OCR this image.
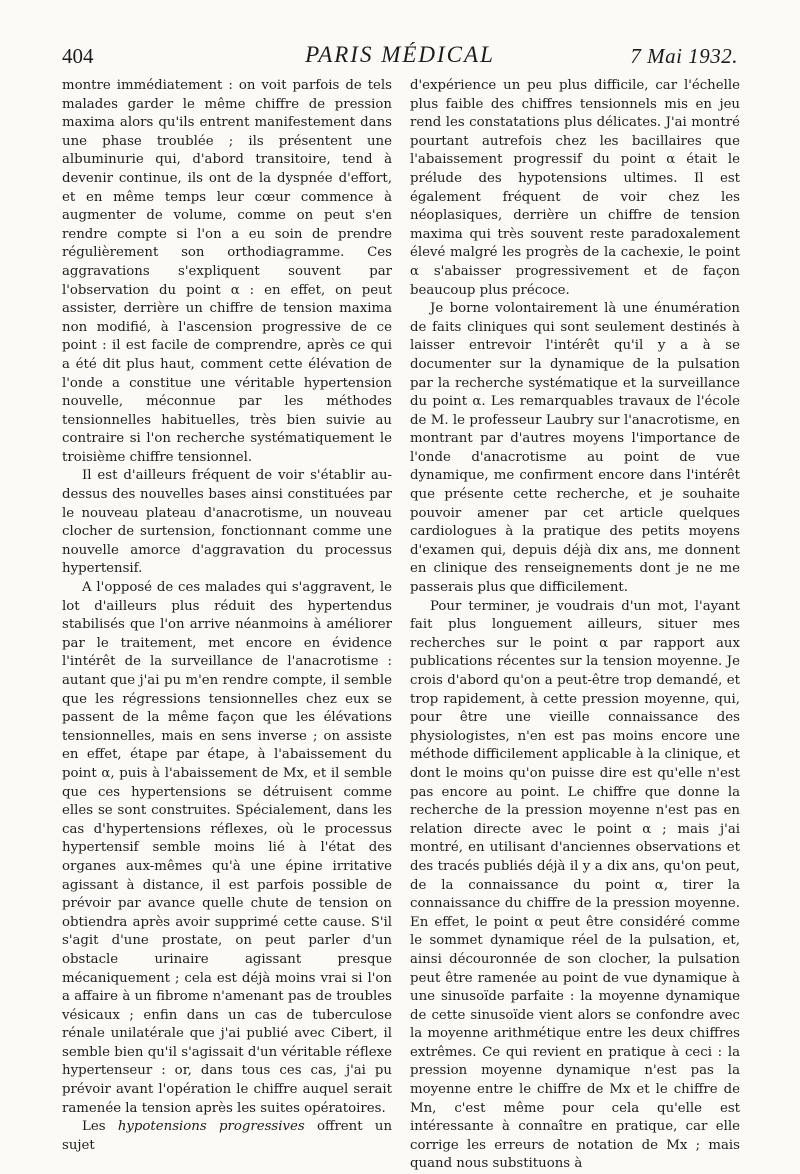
404	PARIS MÉDICAL	7 Mai 1932.

montre immédiatement : on voit parfois de tels malades garder le même chiffre de pression maxima alors qu'ils entrent manifestement dans une phase troublée ; ils présentent une albuminurie qui, d'abord transitoire, tend à devenir continue, ils ont de la dyspnée d'effort, et en même temps leur cœur commence à augmenter de volume, comme on peut s'en rendre compte si l'on a eu soin de prendre régulièrement son orthodiagramme. Ces aggravations s'expliquent souvent par l'observation du point α : en effet, on peut assister, derrière un chiffre de tension maxima non modifié, à l'ascension progressive de ce point : il est facile de comprendre, après ce qui a été dit plus haut, comment cette élévation de l'onde a constitue une véritable hypertension nouvelle, méconnue par les méthodes tensionnelles habituelles, très bien suivie au contraire si l'on recherche systématiquement le troisième chiffre tensionnel.

Il est d'ailleurs fréquent de voir s'établir au-dessus des nouvelles bases ainsi constituées par le nouveau plateau d'anacrotisme, un nouveau clocher de surtension, fonctionnant comme une nouvelle amorce d'aggravation du processus hypertensif.

A l'opposé de ces malades qui s'aggravent, le lot d'ailleurs plus réduit des hypertendus stabilisés que l'on arrive néanmoins à améliorer par le traitement, met encore en évidence l'intérêt de la surveillance de l'anacrotisme : autant que j'ai pu m'en rendre compte, il semble que les régressions tensionnelles chez eux se passent de la même façon que les élévations tensionnelles, mais en sens inverse ; on assiste en effet, étape par étape, à l'abaissement du point α, puis à l'abaissement de Mx, et il semble que ces hypertensions se détruisent comme elles se sont construites. Spécialement, dans les cas d'hypertensions réflexes, où le processus hypertensif semble moins lié à l'état des organes aux-mêmes qu'à une épine irritative agissant à distance, il est parfois possible de prévoir par avance quelle chute de tension on obtiendra après avoir supprimé cette cause. S'il s'agit d'une prostate, on peut parler d'un obstacle urinaire agissant presque mécaniquement ; cela est déjà moins vrai si l'on a affaire à un fibrome n'amenant pas de troubles vésicaux ; enfin dans un cas de tuberculose rénale unilatérale que j'ai publié avec Cibert, il semble bien qu'il s'agissait d'un véritable réflexe hypertenseur : or, dans tous ces cas, j'ai pu prévoir avant l'opération le chiffre auquel serait ramenée la tension après les suites opératoires.

Les hypotensions progressives offrent un sujet

d'expérience un peu plus difficile, car l'échelle plus faible des chiffres tensionnels mis en jeu rend les constatations plus délicates. J'ai montré pourtant autrefois chez les bacillaires que l'abaissement progressif du point α était le prélude des hypotensions ultimes. Il est également fréquent de voir chez les néoplasiques, derrière un chiffre de tension maxima qui très souvent reste paradoxalement élevé malgré les progrès de la cachexie, le point α s'abaisser progressivement et de façon beaucoup plus précoce.

Je borne volontairement là une énumération de faits cliniques qui sont seulement destinés à laisser entrevoir l'intérêt qu'il y a à se documenter sur la dynamique de la pulsation par la recherche systématique et la surveillance du point α. Les remarquables travaux de l'école de M. le professeur Laubry sur l'anacrotisme, en montrant par d'autres moyens l'importance de l'onde d'anacrotisme au point de vue dynamique, me confirment encore dans l'intérêt que présente cette recherche, et je souhaite pouvoir amener par cet article quelques cardiologues à la pratique des petits moyens d'examen qui, depuis déjà dix ans, me donnent en clinique des renseignements dont je ne me passerais plus que difficilement.

Pour terminer, je voudrais d'un mot, l'ayant fait plus longuement ailleurs, situer mes recherches sur le point α par rapport aux publications récentes sur la tension moyenne. Je crois d'abord qu'on a peut-être trop demandé, et trop rapidement, à cette pression moyenne, qui, pour être une vieille connaissance des physiologistes, n'en est pas moins encore une méthode difficilement applicable à la clinique, et dont le moins qu'on puisse dire est qu'elle n'est pas encore au point. Le chiffre que donne la recherche de la pression moyenne n'est pas en relation directe avec le point α ; mais j'ai montré, en utilisant d'anciennes observations et des tracés publiés déjà il y a dix ans, qu'on peut, de la connaissance du point α, tirer la connaissance du chiffre de la pression moyenne. En effet, le point α peut être considéré comme le sommet dynamique réel de la pulsation, et, ainsi découronnée de son clocher, la pulsation peut être ramenée au point de vue dynamique à une sinusoïde parfaite : la moyenne dynamique de cette sinusoïde vient alors se confondre avec la moyenne arithmétique entre les deux chiffres extrêmes. Ce qui revient en pratique à ceci : la pression moyenne dynamique n'est pas la moyenne entre le chiffre de Mx et le chiffre de Mn, c'est même pour cela qu'elle est intéressante à connaître en pratique, car elle corrige les erreurs de notation de Mx ; mais quand nous substituons à
